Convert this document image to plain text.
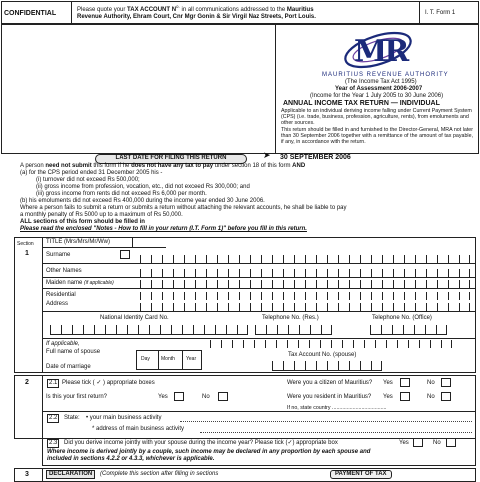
CONFIDENTIAL	Please quote your TAX ACCOUNT $N^{o.}$ in all communications addressed to the Mauritius
Revenue Authority, Ehram Court, Cnr Mgr Gonin & Sir Virgil Naz Streets, Port Louis.
I. T. Form 1
MR
MAURITIUS REVENUE AUTHORITY
(The Income Tax Act 1995)
Year of Assessment 2006-2007
(Income for the Year 1 July 2005 to 30 June 2006)
ANNUAL INCOME TAX RETURN — INDIVIDUAL
Applicable to an individual deriving income falling under Current Payment System (CPS) (i.e. trade, business, profession, agriculture, rents), from emoluments and other sources.
This return should be filled in and furnished to the Director-General, MRA not later than 30 September 2006 together with a remittance of the amount of tax payable, if any, in accordance with the return.
LAST DATE FOR FILING THIS RETURN	➤ 30 SEPTEMBER 2006
A person need not submit this form if he does not have any tax to pay under section 18 of this form AND
(a) for the CPS period ended 31 December 2005 his -
(i) turnover did not exceed Rs 500,000;
(ii) gross income from profession, vocation, etc., did not exceed Rs 300,000; and
(iii) gross income from rents did not exceed Rs 6,000 per month.
(b) his emoluments did not exceed Rs 400,000 during the income year ended 30 June 2006.
Where a person fails to submit a return or submits a return without attaching the relevant accounts, he shall be liable to pay
a monthly penalty of Rs 5000 up to a maximum of Rs 50,000.
ALL sections of this form should be filled in
Please read the enclosed "Notes - How to fill in your return (I.T. Form 1)" before you fill in this return.
Section
1
TITLE (Mrs/Mrs/Mr/Ww)
Surname
Other Names
Maiden name (if applicable)
Residential
Address
National Identity Card No.	Telephone No. (Res.)	Telephone No. (Office)
If applicable,
Full name of spouse
Date of marriage
Day Month Year
Tax Account No. (spouse)
2	2.1 Please tick ( ✓ ) appropriate boxes	Were you a citizen of Mauritius? Yes	No
Is this your first return?	Yes	No	Were you resident in Mauritius? Yes	No
If no, state country .....................................
2.2	State: • your main business activity
* address of main business activity
2.3	Did you derive income jointly with your spouse during the income year? Please tick (✓) appropriate box	Yes	No
Where income is derived jointly by a couple, such income may be declared in any proportion by each spouse and
included in sections 4.2.2 or 4.3.3, whichever is applicable.
3	DECLARATION	(Complete this section after filling in sections	PAYMENT OF TAX
